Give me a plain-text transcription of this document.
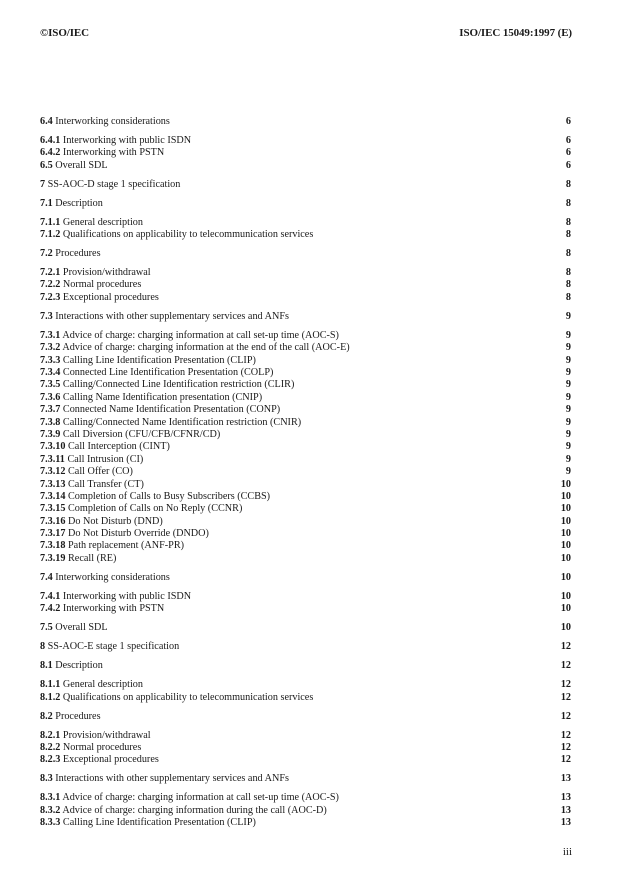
©ISO/IEC	ISO/IEC 15049:1997 (E)
6.4 Interworking considerations	6
6.4.1 Interworking with public ISDN	6
6.4.2 Interworking with PSTN	6
6.5 Overall SDL	6
7 SS-AOC-D stage 1 specification	8
7.1 Description	8
7.1.1 General description	8
7.1.2 Qualifications on applicability to telecommunication services	8
7.2 Procedures	8
7.2.1 Provision/withdrawal	8
7.2.2 Normal procedures	8
7.2.3 Exceptional procedures	8
7.3 Interactions with other supplementary services and ANFs	9
7.3.1 Advice of charge: charging information at call set-up time (AOC-S)	9
7.3.2 Advice of charge: charging information at the end of the call (AOC-E)	9
7.3.3 Calling Line Identification Presentation (CLIP)	9
7.3.4 Connected Line Identification Presentation (COLP)	9
7.3.5 Calling/Connected Line Identification restriction (CLIR)	9
7.3.6 Calling Name Identification presentation (CNIP)	9
7.3.7 Connected Name Identification Presentation (CONP)	9
7.3.8 Calling/Connected Name Identification restriction (CNIR)	9
7.3.9 Call Diversion (CFU/CFB/CFNR/CD)	9
7.3.10 Call Interception (CINT)	9
7.3.11 Call Intrusion (CI)	9
7.3.12 Call Offer (CO)	9
7.3.13 Call Transfer (CT)	10
7.3.14 Completion of Calls to Busy Subscribers (CCBS)	10
7.3.15 Completion of Calls on No Reply (CCNR)	10
7.3.16 Do Not Disturb (DND)	10
7.3.17 Do Not Disturb Override (DNDO)	10
7.3.18 Path replacement (ANF-PR)	10
7.3.19 Recall (RE)	10
7.4 Interworking considerations	10
7.4.1 Interworking with public ISDN	10
7.4.2 Interworking with PSTN	10
7.5 Overall SDL	10
8 SS-AOC-E stage 1 specification	12
8.1 Description	12
8.1.1 General description	12
8.1.2 Qualifications on applicability to telecommunication services	12
8.2 Procedures	12
8.2.1 Provision/withdrawal	12
8.2.2 Normal procedures	12
8.2.3 Exceptional procedures	12
8.3 Interactions with other supplementary services and ANFs	13
8.3.1 Advice of charge: charging information at call set-up time (AOC-S)	13
8.3.2 Advice of charge: charging information during the call (AOC-D)	13
8.3.3 Calling Line Identification Presentation (CLIP)	13
iii
